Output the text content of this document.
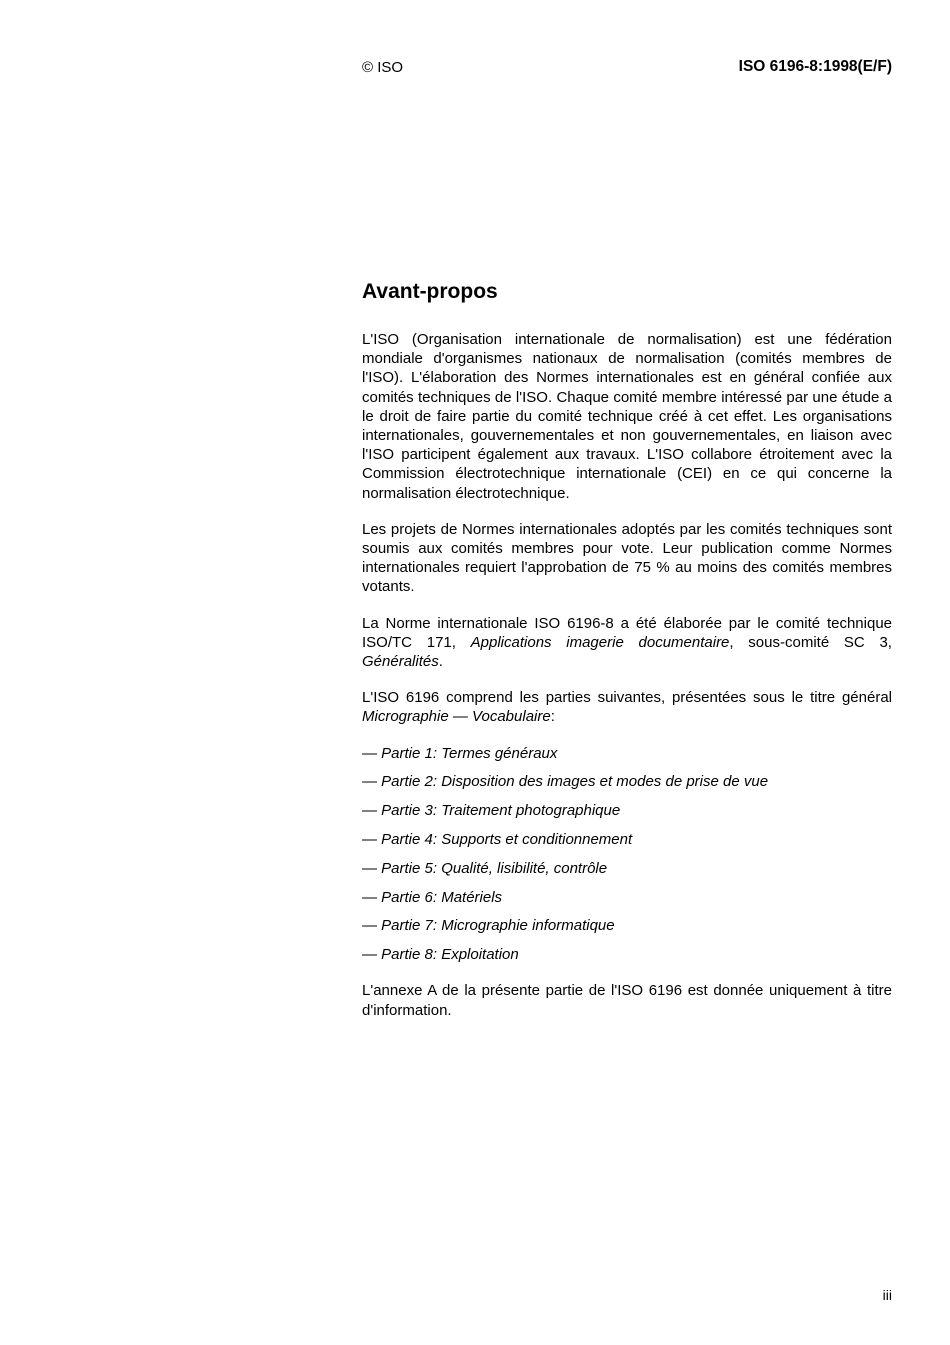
© ISO	ISO 6196-8:1998(E/F)
Avant-propos

L'ISO (Organisation internationale de normalisation) est une fédération mondiale d'organismes nationaux de normalisation (comités membres de l'ISO). L'élaboration des Normes internationales est en général confiée aux comités techniques de l'ISO. Chaque comité membre intéressé par une étude a le droit de faire partie du comité technique créé à cet effet. Les organisations internationales, gouvernementales et non gouvernementales, en liaison avec l'ISO participent également aux travaux. L'ISO collabore étroitement avec la Commission électrotechnique internationale (CEI) en ce qui concerne la normalisation électrotechnique.

Les projets de Normes internationales adoptés par les comités techniques sont soumis aux comités membres pour vote. Leur publication comme Normes internationales requiert l'approbation de 75 % au moins des comités membres votants.

La Norme internationale ISO 6196-8 a été élaborée par le comité technique ISO/TC 171, Applications imagerie documentaire, sous-comité SC 3, Généralités.

L'ISO 6196 comprend les parties suivantes, présentées sous le titre général Micrographie — Vocabulaire:

— Partie 1: Termes généraux

— Partie 2: Disposition des images et modes de prise de vue

— Partie 3: Traitement photographique

— Partie 4: Supports et conditionnement

— Partie 5: Qualité, lisibilité, contrôle

— Partie 6: Matériels

— Partie 7: Micrographie informatique

— Partie 8: Exploitation

L'annexe A de la présente partie de l'ISO 6196 est donnée uniquement à titre d'information.

iii
